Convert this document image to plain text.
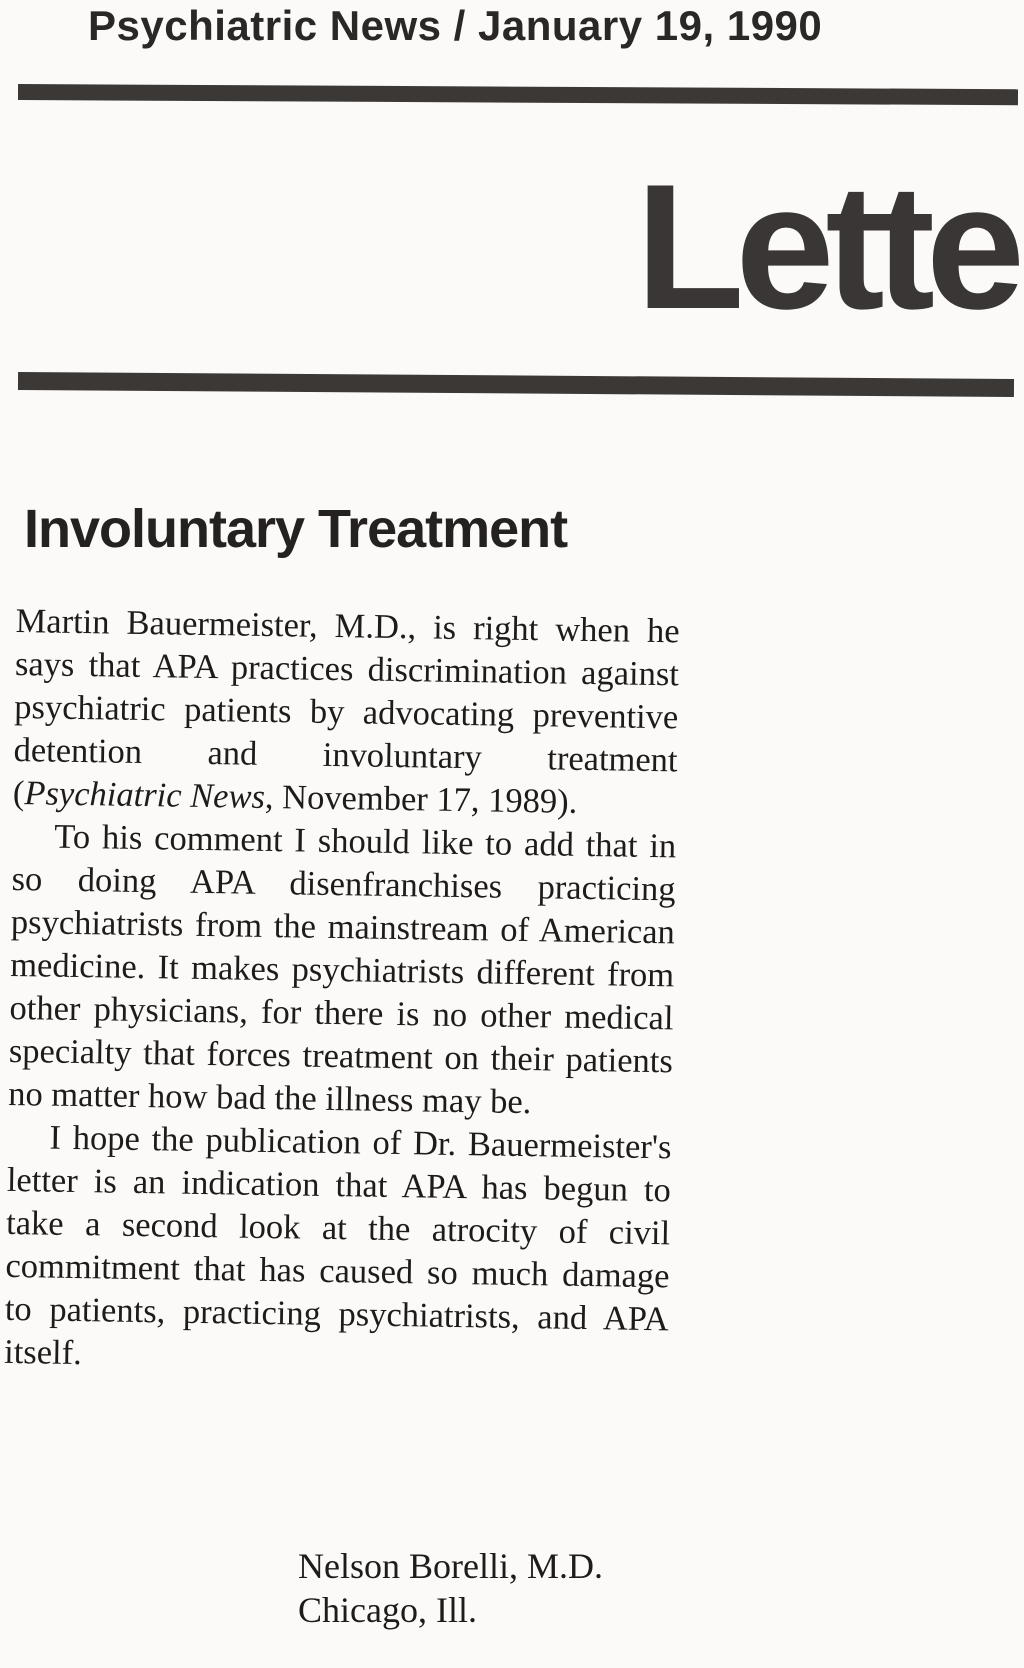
Psychiatric News / January 19, 1990
Lette
Involuntary Treatment

Martin Bauermeister, M.D., is right when he says that APA practices discrimination against psychiatric patients by advocating preventive detention and involuntary treatment (Psychiatric News, November 17, 1989).

To his comment I should like to add that in so doing APA disenfranchises practicing psychiatrists from the mainstream of American medicine. It makes psychiatrists different from other physicians, for there is no other medical specialty that forces treatment on their patients no matter how bad the illness may be.

I hope the publication of Dr. Bauermeister's letter is an indication that APA has begun to take a second look at the atrocity of civil commitment that has caused so much damage to patients, practicing psychiatrists, and APA itself.

Nelson Borelli, M.D.
Chicago, Ill.
